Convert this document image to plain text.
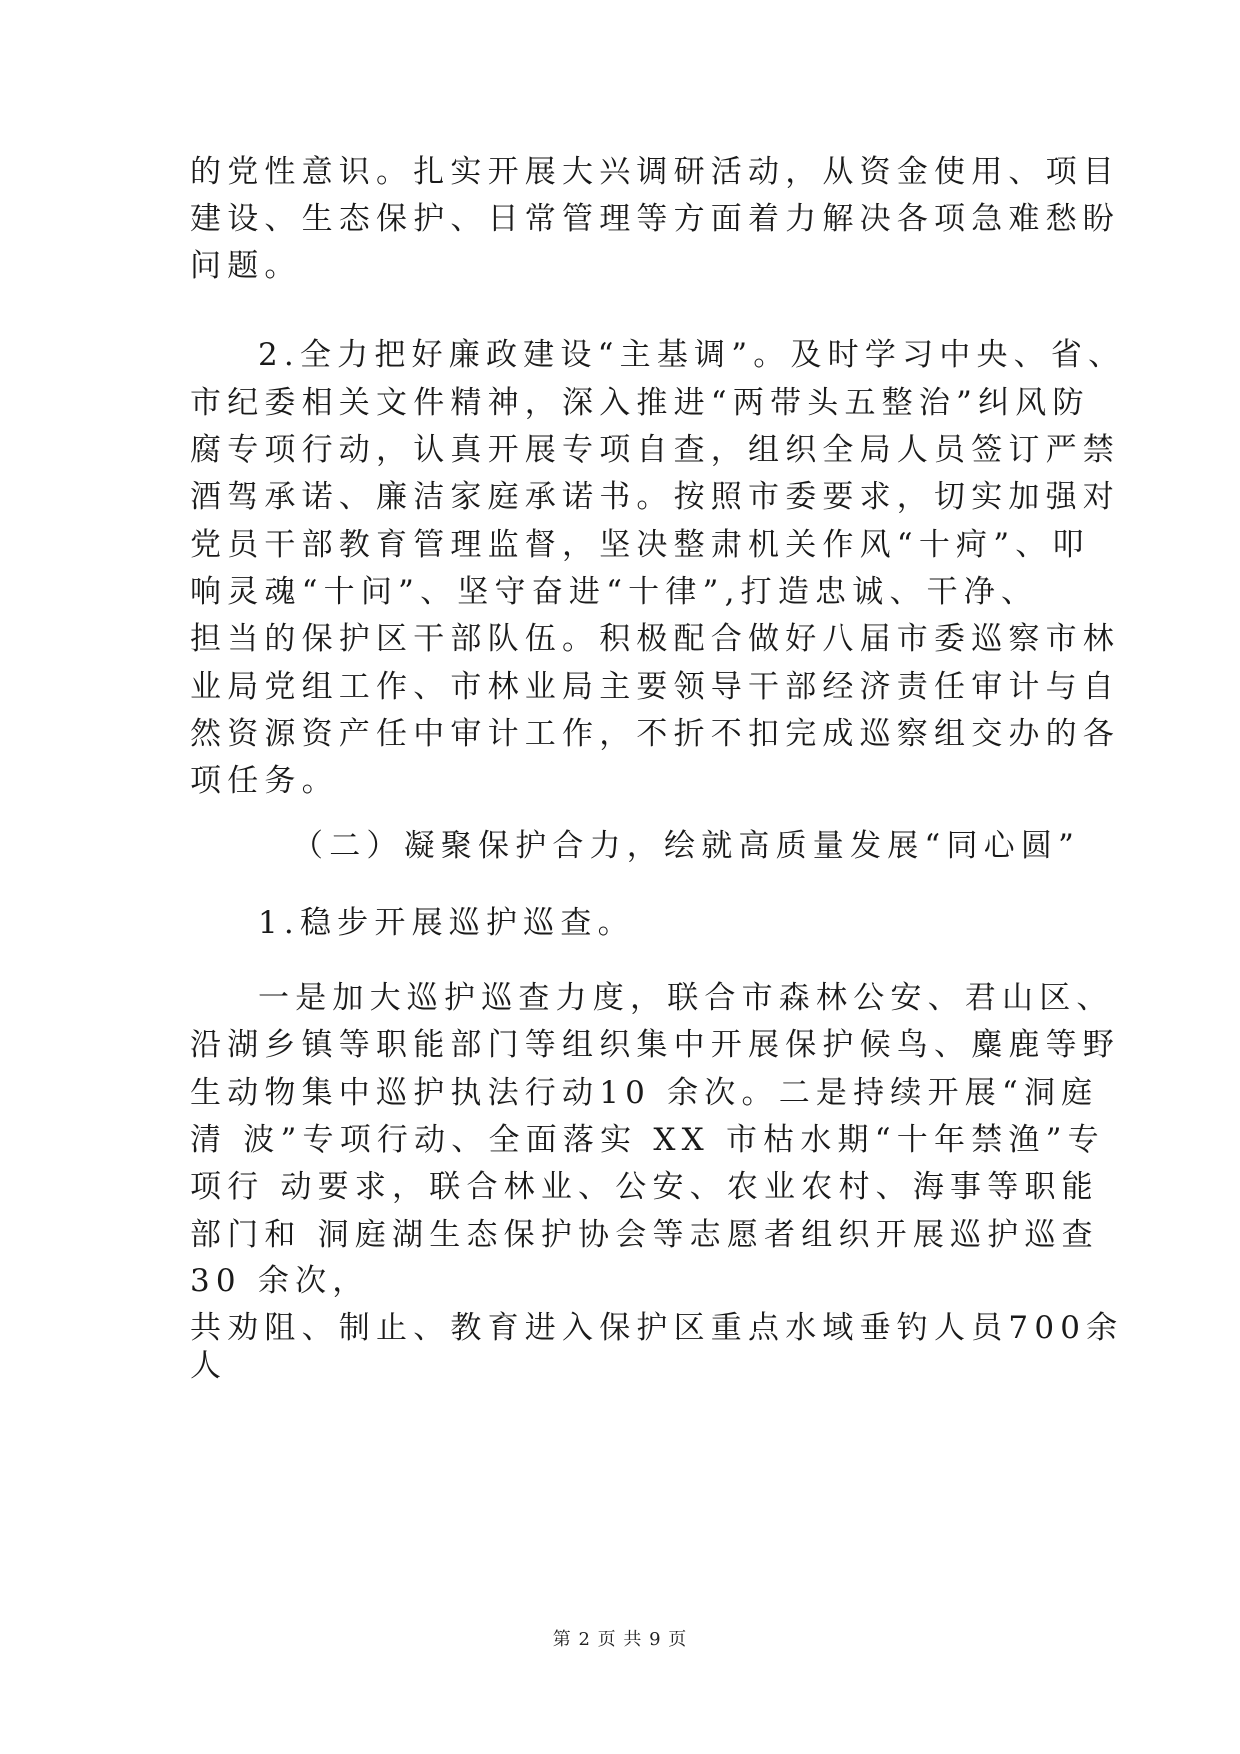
的党性意识。扎实开展大兴调研活动，从资金使用、项目
建设、生态保护、日常管理等方面着力解决各项急难愁盼
问题。
2.全力把好廉政建设“主基调”。及时学习中央、省、
市纪委相关文件精神，深入推进“两带头五整治”纠风防
腐专项行动，认真开展专项自查，组织全局人员签订严禁
酒驾承诺、廉洁家庭承诺书。按照市委要求，切实加强对
党员干部教育管理监督，坚决整肃机关作风“十疴”、叩
响灵魂“十问”、坚守奋进“十律”,打造忠诚、干净、
担当的保护区干部队伍。积极配合做好八届市委巡察市林
业局党组工作、市林业局主要领导干部经济责任审计与自
然资源资产任中审计工作，不折不扣完成巡察组交办的各
项任务。
（二）凝聚保护合力，绘就高质量发展“同心圆”
1.稳步开展巡护巡查。
一是加大巡护巡查力度，联合市森林公安、君山区、
沿湖乡镇等职能部门等组织集中开展保护候鸟、麋鹿等野
生动物集中巡护执法行动10 余次。二是持续开展“洞庭
清 波”专项行动、全面落实 XX 市枯水期“十年禁渔”专
项行 动要求，联合林业、公安、农业农村、海事等职能
部门和 洞庭湖生态保护协会等志愿者组织开展巡护巡查
30 余次，
共劝阻、制止、教育进入保护区重点水域垂钓人员700余
人
第 2 页 共 9 页
